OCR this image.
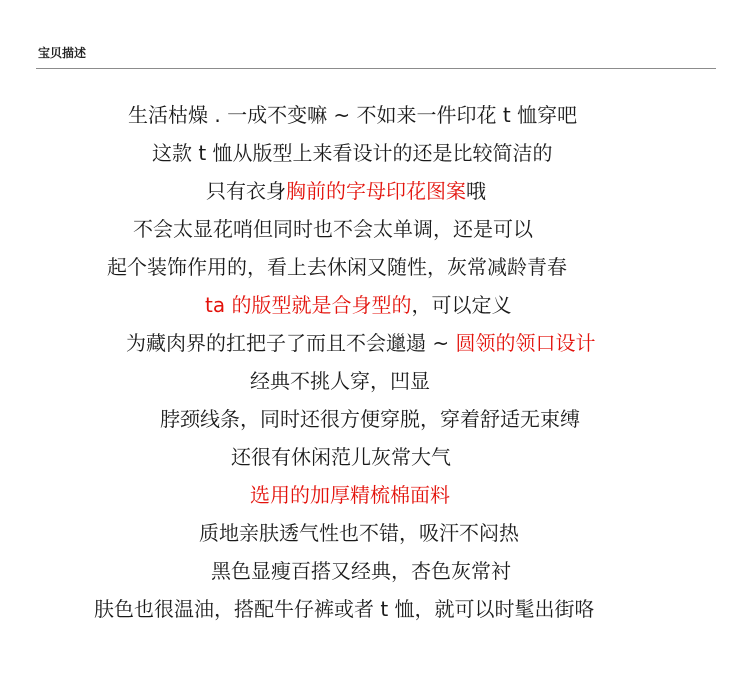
宝贝描述
生活枯燥 . 一成不变嘛 ~ 不如来一件印花 t 恤穿吧
这款 t 恤从版型上来看设计的还是比较简洁的
只有衣身胸前的字母印花图案哦
不会太显花哨但同时也不会太单调，还是可以
起个装饰作用的，看上去休闲又随性，灰常减龄青春
ta 的版型就是合身型的，可以定义
为藏肉界的扛把子了而且不会邋遢 ~ 圆领的领口设计
经典不挑人穿，凹显
脖颈线条，同时还很方便穿脱，穿着舒适无束缚
还很有休闲范儿灰常大气
选用的加厚精梳棉面料
质地亲肤透气性也不错，吸汗不闷热
黑色显瘦百搭又经典，杏色灰常衬
肤色也很温油，搭配牛仔裤或者 t 恤，就可以时髦出街咯
